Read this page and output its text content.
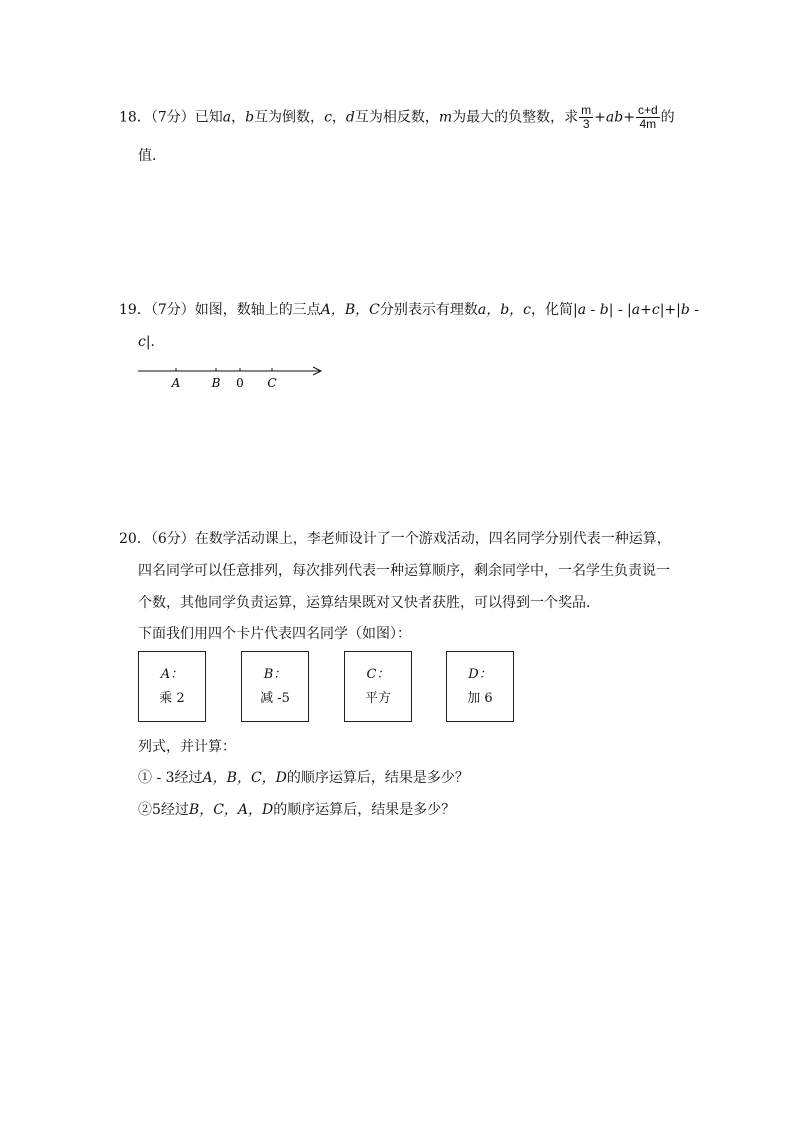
18．（7分）已知a，b互为倒数，c，d互为相反数，m为最大的负整数，求 $\frac{m}{3} +ab+ \frac{c+d}{4m}$ 的
值．
19．（7分）如图，数轴上的三点A，B，C分别表示有理数a，b，c，化简|a - b| - |a+c|+|b -
c|．
A	B 0 C
20．（6分）在数学活动课上，李老师设计了一个游戏活动，四名同学分别代表一种运算，
四名同学可以任意排列，每次排列代表一种运算顺序，剩余同学中，一名学生负责说一
个数，其他同学负责运算，运算结果既对又快者获胜，可以得到一个奖品．
下面我们用四个卡片代表四名同学（如图）：
A：
乘 2
B：
减 -5
C：
平方
D：
加 6
列式，并计算：
① - 3经过A，B，C，D的顺序运算后，结果是多少？
②5经过B，C，A，D的顺序运算后，结果是多少？
